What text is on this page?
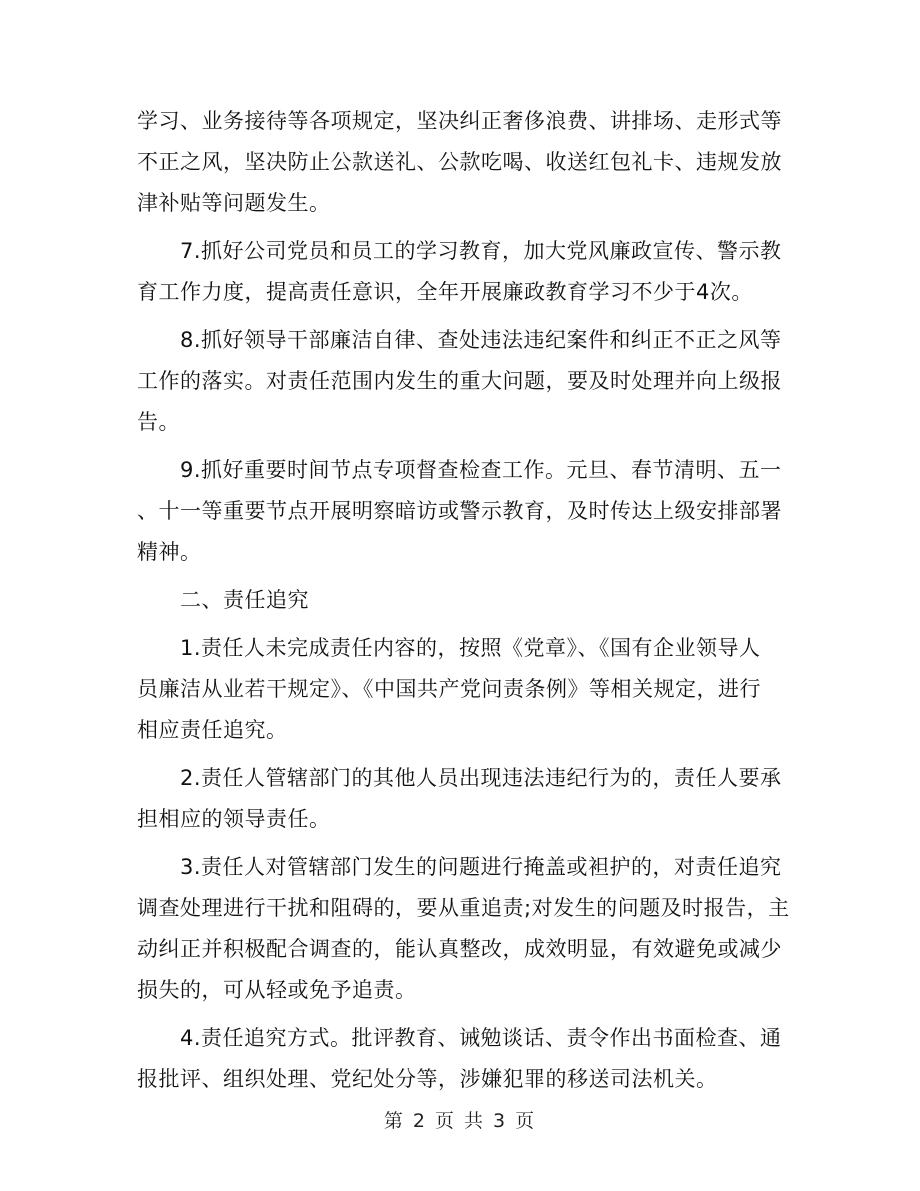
学习、业务接待等各项规定，坚决纠正奢侈浪费、讲排场、走形式等
不正之风，坚决防止公款送礼、公款吃喝、收送红包礼卡、违规发放
津补贴等问题发生。
7.抓好公司党员和员工的学习教育，加大党风廉政宣传、警示教
育工作力度，提高责任意识，全年开展廉政教育学习不少于4次。
8.抓好领导干部廉洁自律、查处违法违纪案件和纠正不正之风等
工作的落实。对责任范围内发生的重大问题，要及时处理并向上级报
告。
9.抓好重要时间节点专项督查检查工作。元旦、春节清明、五一
、十一等重要节点开展明察暗访或警示教育，及时传达上级安排部署
精神。
二、责任追究
1.责任人未完成责任内容的，按照《党章》、《国有企业领导人
员廉洁从业若干规定》、《中国共产党问责条例》等相关规定，进行
相应责任追究。
2.责任人管辖部门的其他人员出现违法违纪行为的，责任人要承
担相应的领导责任。
3.责任人对管辖部门发生的问题进行掩盖或袒护的，对责任追究
调查处理进行干扰和阻碍的，要从重追责;对发生的问题及时报告，主
动纠正并积极配合调查的，能认真整改，成效明显，有效避免或减少
损失的，可从轻或免予追责。
4.责任追究方式。批评教育、诫勉谈话、责令作出书面检查、通
报批评、组织处理、党纪处分等，涉嫌犯罪的移送司法机关。
第 2 页 共 3 页
